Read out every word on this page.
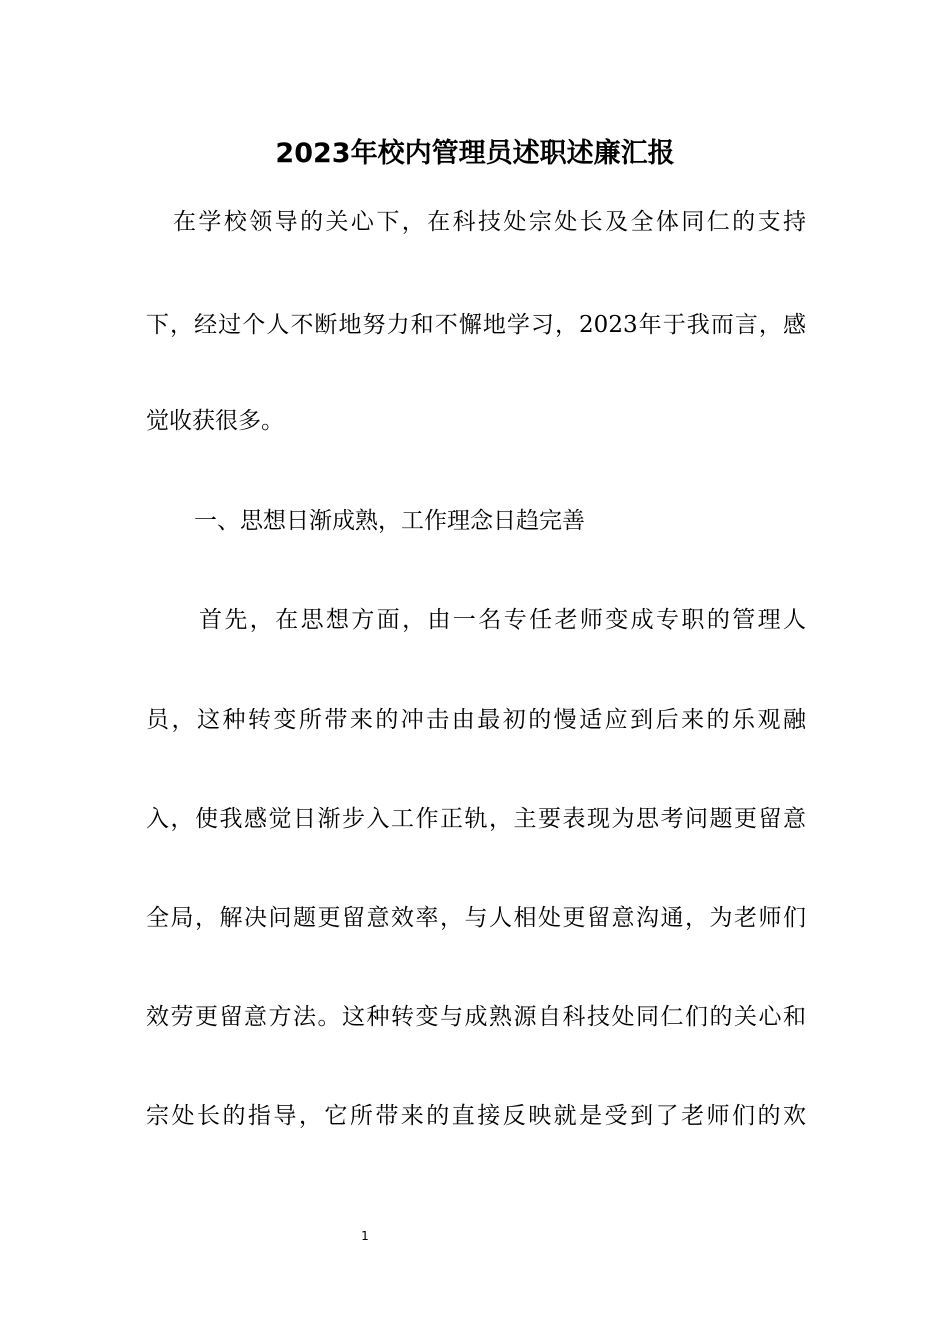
2023年校内管理员述职述廉汇报
在学校领导的关心下，在科技处宗处长及全体同仁的支持
下，经过个人不断地努力和不懈地学习，2023年于我而言，感
觉收获很多。
一、思想日渐成熟，工作理念日趋完善
首先，在思想方面，由一名专任老师变成专职的管理人
员，这种转变所带来的冲击由最初的慢适应到后来的乐观融
入，使我感觉日渐步入工作正轨，主要表现为思考问题更留意
全局，解决问题更留意效率，与人相处更留意沟通，为老师们
效劳更留意方法。这种转变与成熟源自科技处同仁们的关心和
宗处长的指导，它所带来的直接反映就是受到了老师们的欢
1
